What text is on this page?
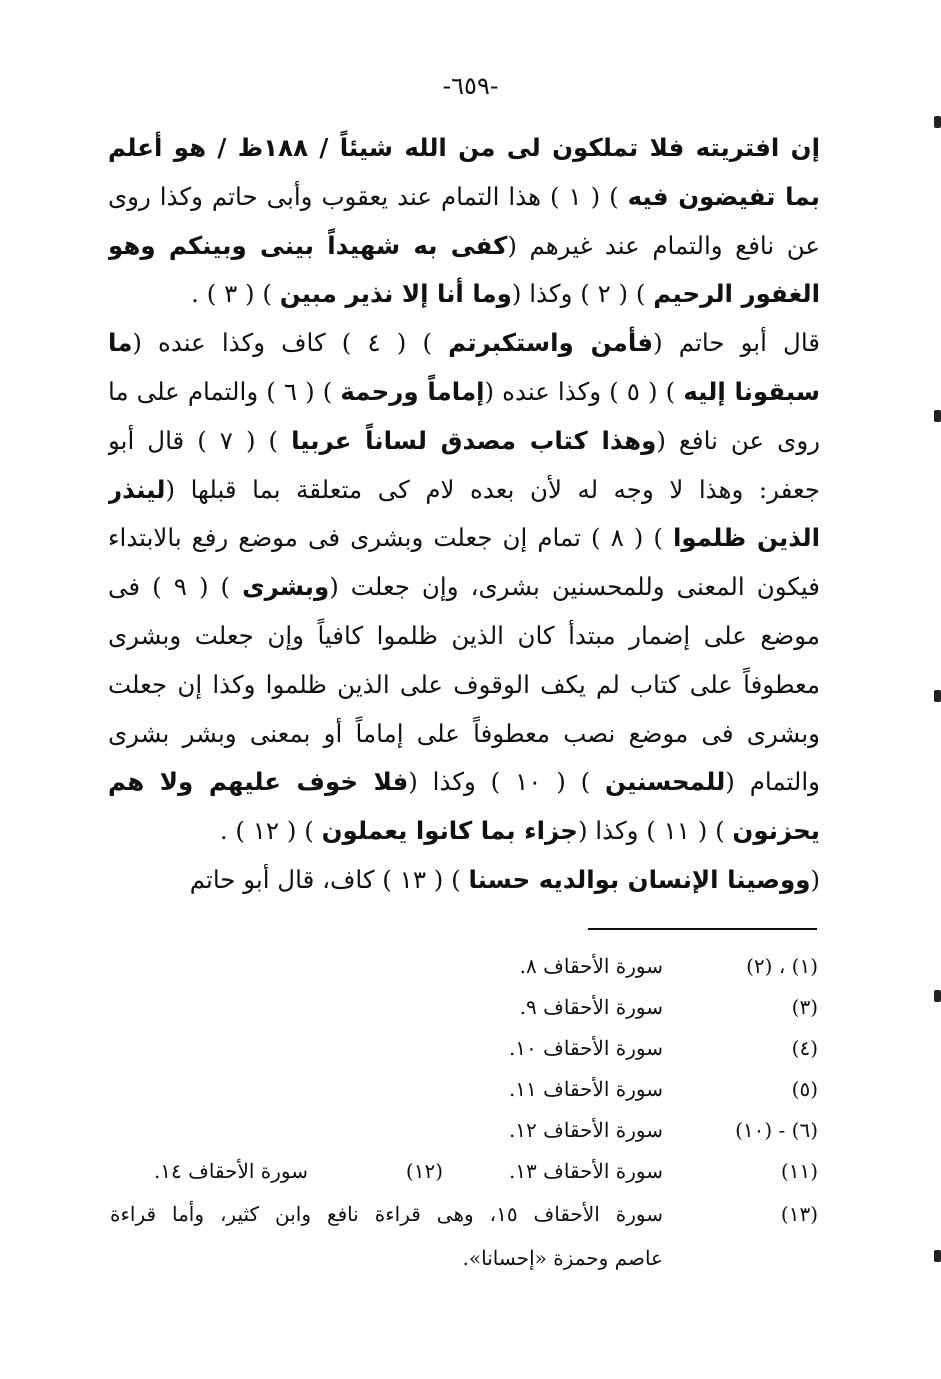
-٦٥٩-
إن افتريته فلا تملكون لى من الله شيئاً / ١٨٨ظ / هو أعلم
بما تفيضون فيه ) ( ١ ) هذا التمام عند يعقوب وأبى حاتم وكذا روى
عن نافع والتمام عند غيرهم (كفى به شهيداً بينى وبينكم وهو
الغفور الرحيم ) ( ٢ ) وكذا (وما أنا إلا نذير مبين ) ( ٣ ) .
قال أبو حاتم (فأمن واستكبرتم ) ( ٤ ) كاف وكذا عنده (ما
سبقونا إليه ) ( ٥ ) وكذا عنده (إماماً ورحمة ) ( ٦ ) والتمام على ما
روى عن نافع (وهذا كتاب مصدق لساناً عربيا ) ( ٧ ) قال أبو
جعفر: وهذا لا وجه له لأن بعده لام كى متعلقة بما قبلها (لينذر
الذين ظلموا ) ( ٨ ) تمام إن جعلت وبشرى فى موضع رفع بالابتداء
فيكون المعنى وللمحسنين بشرى، وإن جعلت (وبشرى ) ( ٩ ) فى
موضع على إضمار مبتدأ كان الذين ظلموا كافياً وإن جعلت وبشرى
معطوفاً على كتاب لم يكف الوقوف على الذين ظلموا وكذا إن جعلت
وبشرى فى موضع نصب معطوفاً على إماماً أو بمعنى وبشر بشرى
والتمام (للمحسنين ) ( ١٠ ) وكذا (فلا خوف عليهم ولا هم
يحزنون ) ( ١١ ) وكذا (جزاء بما كانوا يعملون ) ( ١٢ ) .
(ووصينا الإنسان بوالديه حسنا ) ( ١٣ ) كاف، قال أبو حاتم
(١) ، (٢)
سورة الأحقاف ٨.
(٣)
سورة الأحقاف ٩.
(٤)
سورة الأحقاف ١٠.
(٥)
سورة الأحقاف ١١.
(٦) - (١٠)
سورة الأحقاف ١٢.
(١١)
سورة الأحقاف ١٣.
(١٢)
سورة الأحقاف ١٤.
(١٣)
سورة الأحقاف ١٥، وهى قراءة نافع وابن كثير، وأما قراءة
عاصم وحمزة «إحسانا».
